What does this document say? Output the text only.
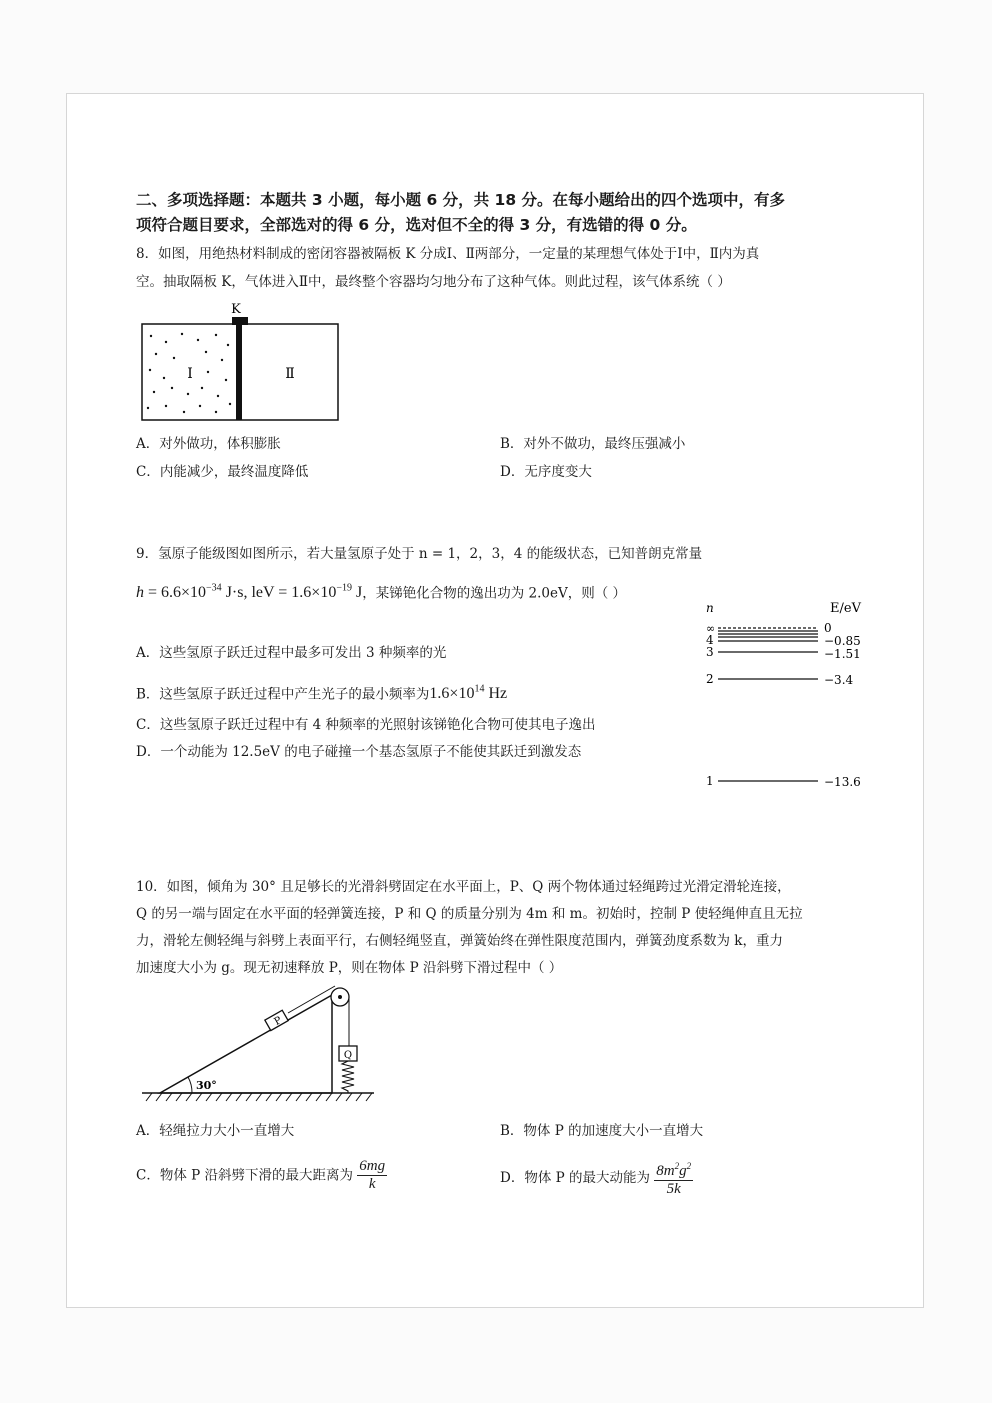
二、多项选择题：本题共 3 小题，每小题 6 分，共 18 分。在每小题给出的四个选项中，有多
项符合题目要求，全部选对的得 6 分，选对但不全的得 3 分，有选错的得 0 分。
8．如图，用绝热材料制成的密闭容器被隔板 K 分成Ⅰ、Ⅱ两部分，一定量的某理想气体处于Ⅰ中，Ⅱ内为真
空。抽取隔板 K，气体进入Ⅱ中，最终整个容器均匀地分布了这种气体。则此过程，该气体系统（ ）
K
Ⅰ	Ⅱ
A．对外做功，体积膨胀	B．对外不做功，最终压强减小
C．内能减少，最终温度降低	D．无序度变大
9．氢原子能级图如图所示，若大量氢原子处于 n = 1，2，3，4 的能级状态，已知普朗克常量
$h = 6.6\times 10^{-34}$ J·s, leV = $1.6\times 10^{-19}$ J，某锑铯化合物的逸出功为 2.0eV，则（ ）
n	E/eV
∞	0
4	−0.85
3	−1.51
2	−3.4
1	−13.6
A．这些氢原子跃迁过程中最多可发出 3 种频率的光
B．这些氢原子跃迁过程中产生光子的最小频率为$1.6\times 10^{14}$ Hz
C．这些氢原子跃迁过程中有 4 种频率的光照射该锑铯化合物可使其电子逸出
D．一个动能为 12.5eV 的电子碰撞一个基态氢原子不能使其跃迁到激发态
10．如图，倾角为 30° 且足够长的光滑斜劈固定在水平面上，P、Q 两个物体通过轻绳跨过光滑定滑轮连接，
Q 的另一端与固定在水平面的轻弹簧连接，P 和 Q 的质量分别为 4m 和 m。初始时，控制 P 使轻绳伸直且无拉
力，滑轮左侧轻绳与斜劈上表面平行，右侧轻绳竖直，弹簧始终在弹性限度范围内，弹簧劲度系数为 k，重力
加速度大小为 g。现无初速释放 P，则在物体 P 沿斜劈下滑过程中（ ）
30°
P
Q
A．轻绳拉力大小一直增大	B．物体 P 的加速度大小一直增大
C．物体 P 沿斜劈下滑的最大距离为 $\frac{6mg}{k}$	D．物体 P 的最大动能为 $\frac{8m^2g^2}{5k}$
